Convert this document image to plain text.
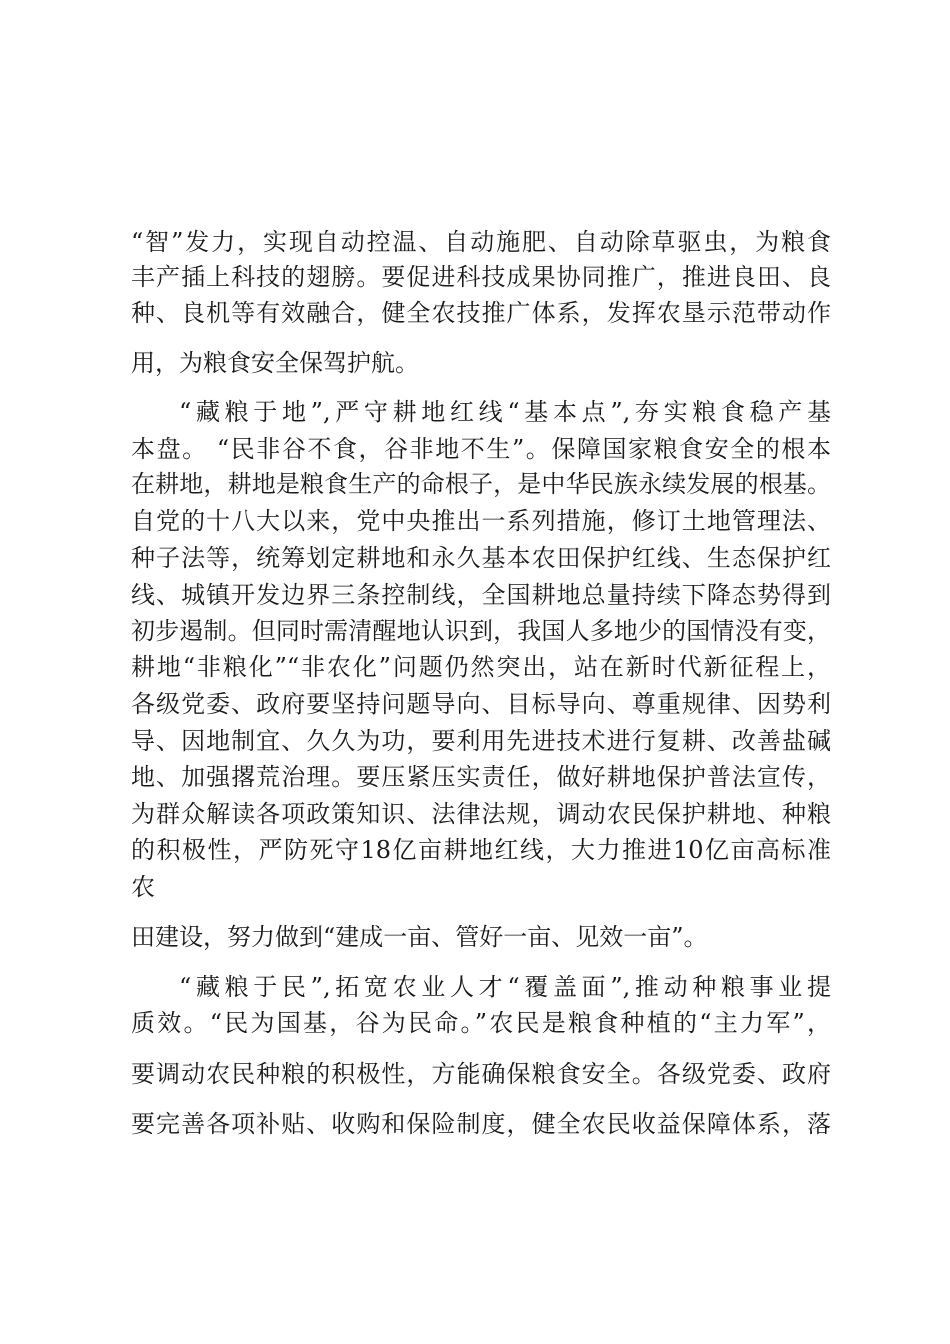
“智”发力，实现自动控温、自动施肥、自动除草驱虫，为粮食
丰产插上科技的翅膀。要促进科技成果协同推广，推进良田、良
种、良机等有效融合，健全农技推广体系，发挥农垦示范带动作
用，为粮食安全保驾护航。
“藏粮于地”,严守耕地红线“基本点”,夯实粮食稳产基
本盘。 “民非谷不食，谷非地不生”。保障国家粮食安全的根本
在耕地，耕地是粮食生产的命根子，是中华民族永续发展的根基。
自党的十八大以来，党中央推出一系列措施，修订土地管理法、
种子法等，统筹划定耕地和永久基本农田保护红线、生态保护红
线、城镇开发边界三条控制线，全国耕地总量持续下降态势得到
初步遏制。但同时需清醒地认识到，我国人多地少的国情没有变，
耕地“非粮化”“非农化”问题仍然突出，站在新时代新征程上，
各级党委、政府要坚持问题导向、目标导向、尊重规律、因势利
导、因地制宜、久久为功，要利用先进技术进行复耕、改善盐碱
地、加强撂荒治理。要压紧压实责任，做好耕地保护普法宣传，
为群众解读各项政策知识、法律法规，调动农民保护耕地、种粮
的积极性，严防死守18亿亩耕地红线，大力推进10亿亩高标准
农
田建设，努力做到“建成一亩、管好一亩、见效一亩”。
“藏粮于民”,拓宽农业人才“覆盖面”,推动种粮事业提
质效。“民为国基，谷为民命。”农民是粮食种植的“主力军”，
要调动农民种粮的积极性，方能确保粮食安全。各级党委、政府
要完善各项补贴、收购和保险制度，健全农民收益保障体系，落
